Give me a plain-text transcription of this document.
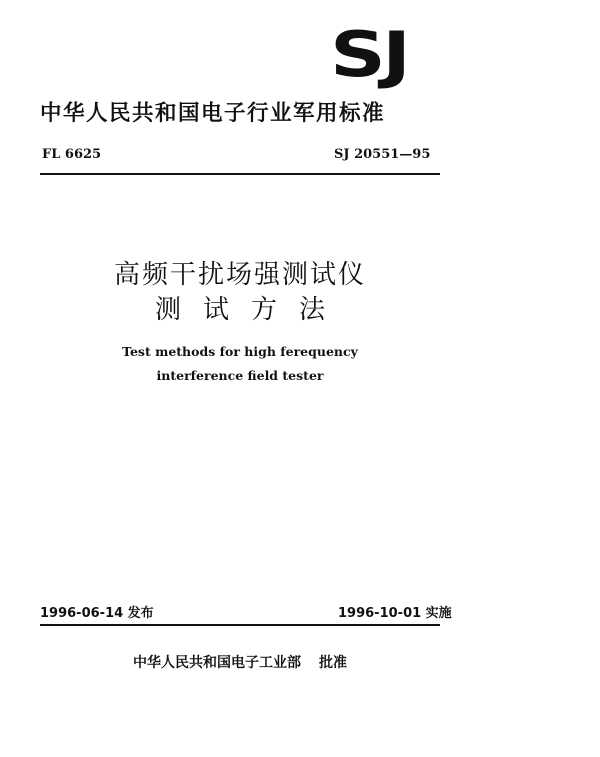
SJ
中华人民共和国电子行业军用标准
FL 6625	SJ 20551—95
高频干扰场强测试仪
测试方法
Test methods for high ferequency
interference field tester
1996-06-14 发布	1996-10-01 实施
中华人民共和国电子工业部 批准
